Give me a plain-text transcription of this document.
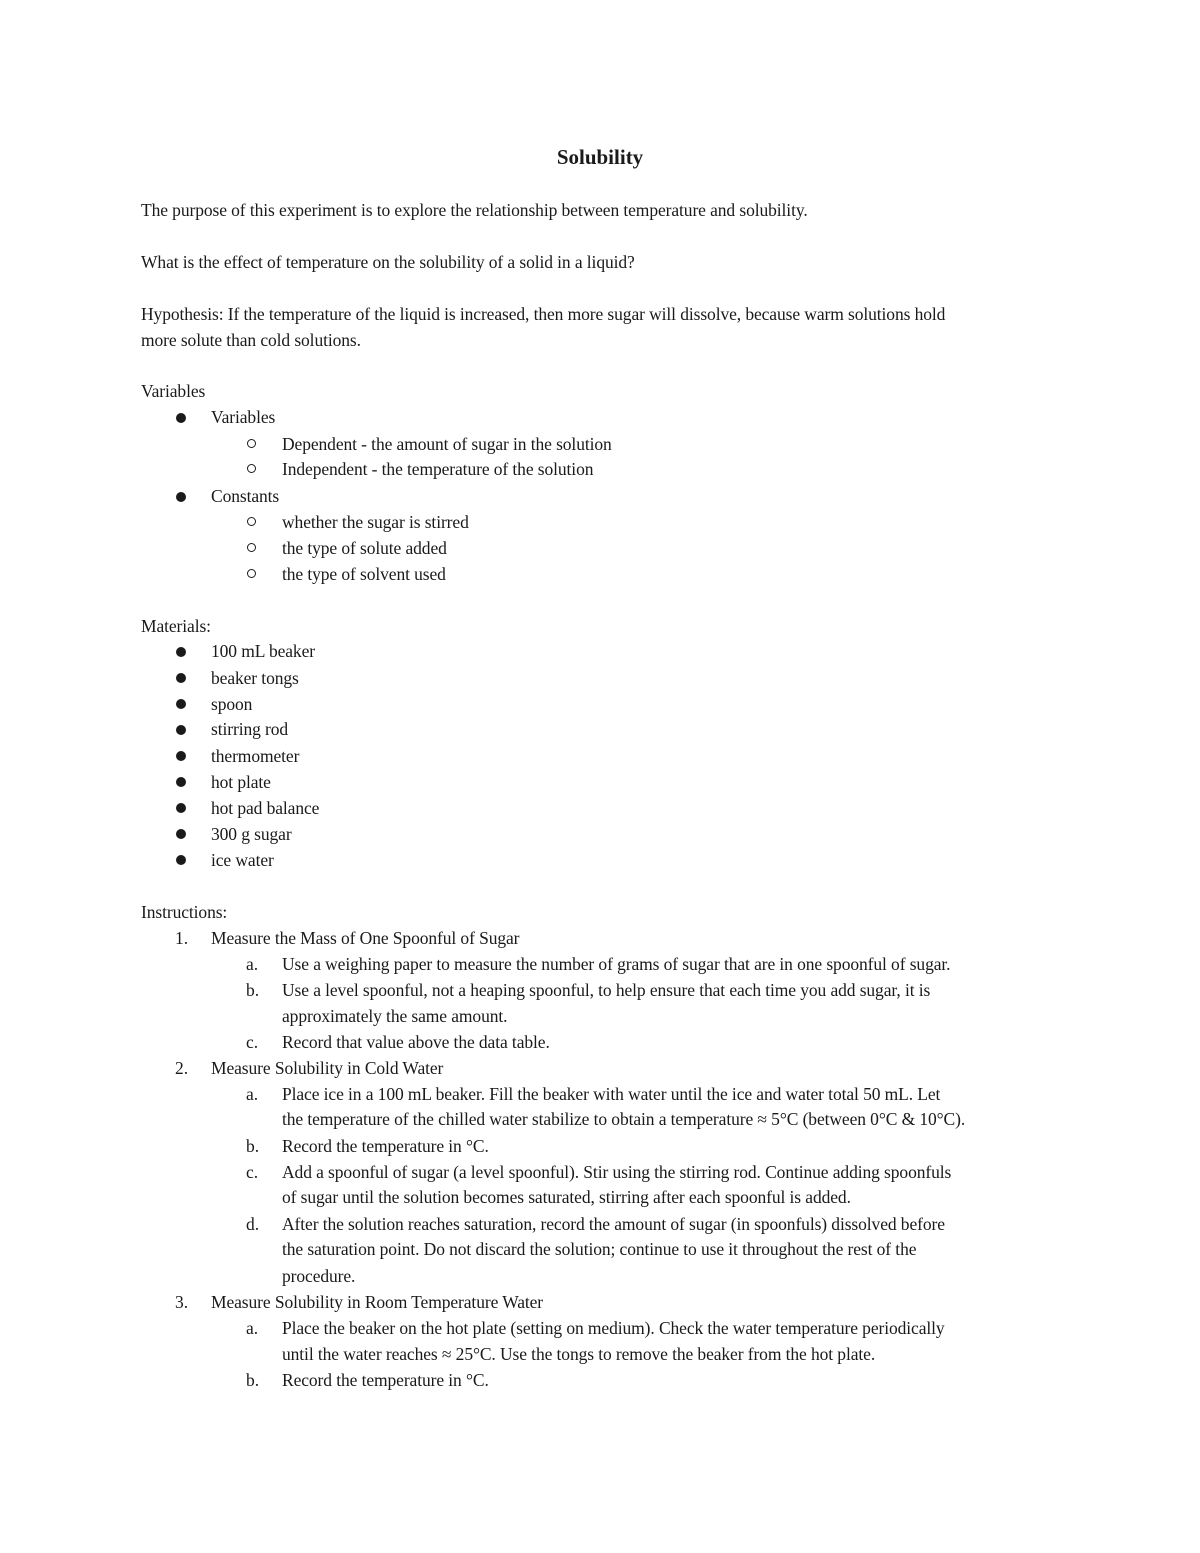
Solubility
The purpose of this experiment is to explore the relationship between temperature and solubility.
What is the effect of temperature on the solubility of a solid in a liquid?
Hypothesis: If the temperature of the liquid is increased, then more sugar will dissolve, because warm solutions hold
more solute than cold solutions.
Variables
Variables
Dependent - the amount of sugar in the solution
Independent - the temperature of the solution
Constants
whether the sugar is stirred
the type of solute added
the type of solvent used
Materials:
100 mL beaker
beaker tongs
spoon
stirring rod
thermometer
hot plate
hot pad balance
300 g sugar
ice water
Instructions:
1. Measure the Mass of One Spoonful of Sugar
a. Use a weighing paper to measure the number of grams of sugar that are in one spoonful of sugar.
b. Use a level spoonful, not a heaping spoonful, to help ensure that each time you add sugar, it is
approximately the same amount.
c. Record that value above the data table.
2. Measure Solubility in Cold Water
a. Place ice in a 100 mL beaker. Fill the beaker with water until the ice and water total 50 mL. Let
the temperature of the chilled water stabilize to obtain a temperature ≈ 5°C (between 0°C & 10°C).
b. Record the temperature in °C.
c. Add a spoonful of sugar (a level spoonful). Stir using the stirring rod. Continue adding spoonfuls
of sugar until the solution becomes saturated, stirring after each spoonful is added.
d. After the solution reaches saturation, record the amount of sugar (in spoonfuls) dissolved before
the saturation point. Do not discard the solution; continue to use it throughout the rest of the
procedure.
3. Measure Solubility in Room Temperature Water
a. Place the beaker on the hot plate (setting on medium). Check the water temperature periodically
until the water reaches ≈ 25°C. Use the tongs to remove the beaker from the hot plate.
b. Record the temperature in °C.
